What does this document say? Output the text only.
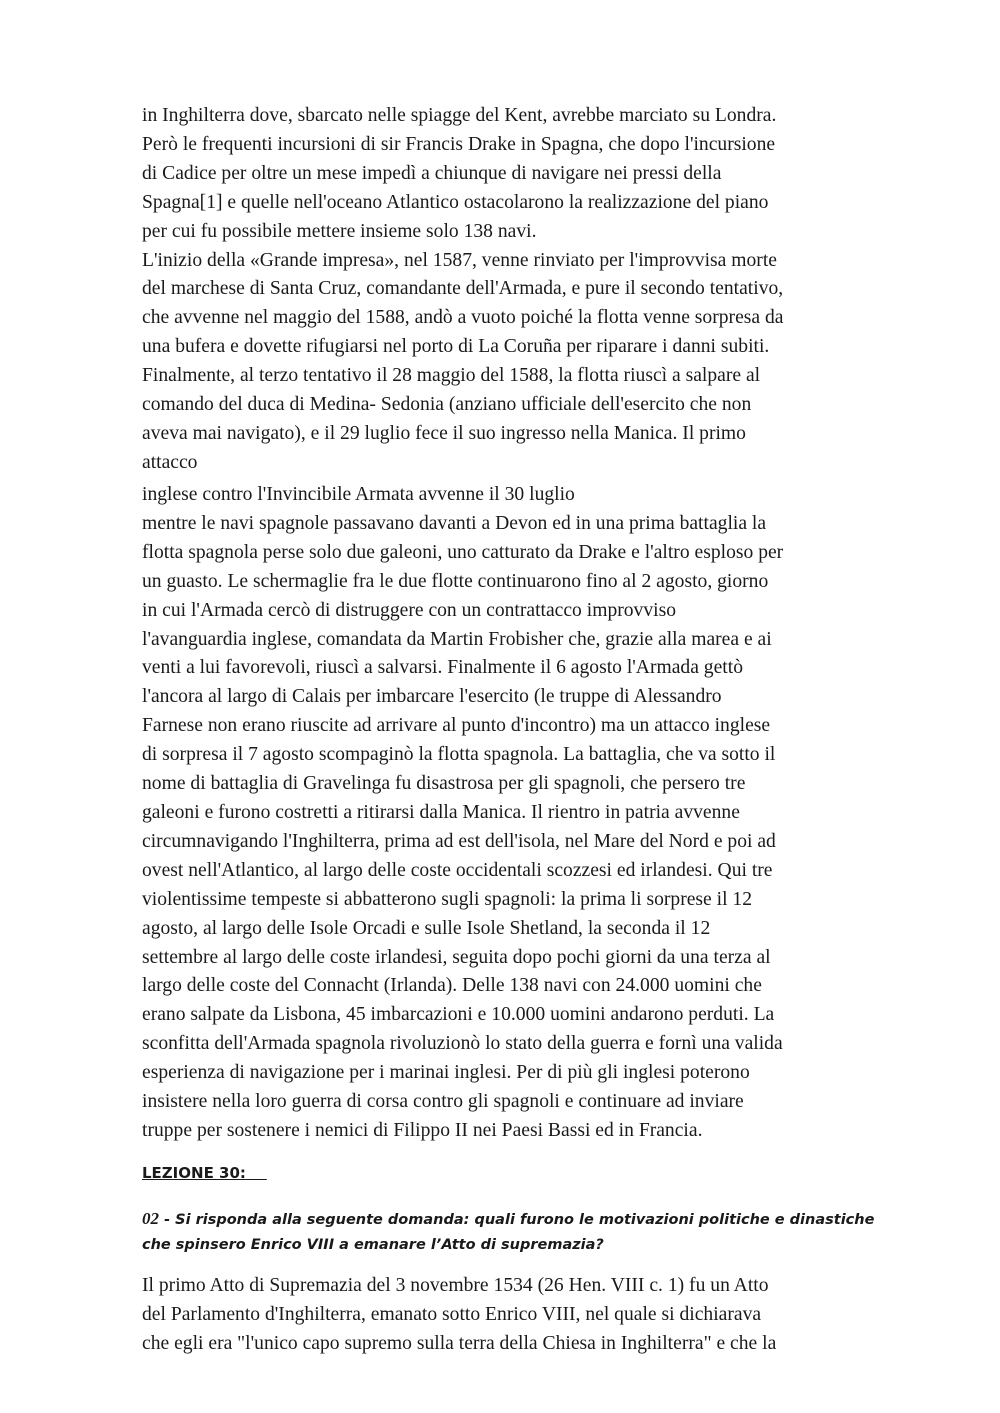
in Inghilterra dove, sbarcato nelle spiagge del Kent, avrebbe marciato su Londra.
Però le frequenti incursioni di sir Francis Drake in Spagna, che dopo l'incursione
di Cadice per oltre un mese impedì a chiunque di navigare nei pressi della
Spagna[1] e quelle nell'oceano Atlantico ostacolarono la realizzazione del piano
per cui fu possibile mettere insieme solo 138 navi.
L'inizio della «Grande impresa», nel 1587, venne rinviato per l'improvvisa morte
del marchese di Santa Cruz, comandante dell'Armada, e pure il secondo tentativo,
che avvenne nel maggio del 1588, andò a vuoto poiché la flotta venne sorpresa da
una bufera e dovette rifugiarsi nel porto di La Coruña per riparare i danni subiti.
Finalmente, al terzo tentativo il 28 maggio del 1588, la flotta riuscì a salpare al
comando del duca di Medina- Sedonia (anziano ufficiale dell'esercito che non
aveva mai navigato), e il 29 luglio fece il suo ingresso nella Manica. Il primo
attacco
inglese contro l'Invincibile Armata avvenne il 30 luglio
mentre le navi spagnole passavano davanti a Devon ed in una prima battaglia la
flotta spagnola perse solo due galeoni, uno catturato da Drake e l'altro esploso per
un guasto. Le schermaglie fra le due flotte continuarono fino al 2 agosto, giorno
in cui l'Armada cercò di distruggere con un contrattacco improvviso
l'avanguardia inglese, comandata da Martin Frobisher che, grazie alla marea e ai
venti a lui favorevoli, riuscì a salvarsi. Finalmente il 6 agosto l'Armada gettò
l'ancora al largo di Calais per imbarcare l'esercito (le truppe di Alessandro
Farnese non erano riuscite ad arrivare al punto d'incontro) ma un attacco inglese
di sorpresa il 7 agosto scompaginò la flotta spagnola. La battaglia, che va sotto il
nome di battaglia di Gravelinga fu disastrosa per gli spagnoli, che persero tre
galeoni e furono costretti a ritirarsi dalla Manica. Il rientro in patria avvenne
circumnavigando l'Inghilterra, prima ad est dell'isola, nel Mare del Nord e poi ad
ovest nell'Atlantico, al largo delle coste occidentali scozzesi ed irlandesi. Qui tre
violentissime tempeste si abbatterono sugli spagnoli: la prima li sorprese il 12
agosto, al largo delle Isole Orcadi e sulle Isole Shetland, la seconda il 12
settembre al largo delle coste irlandesi, seguita dopo pochi giorni da una terza al
largo delle coste del Connacht (Irlanda). Delle 138 navi con 24.000 uomini che
erano salpate da Lisbona, 45 imbarcazioni e 10.000 uomini andarono perduti. La
sconfitta dell'Armada spagnola rivoluzionò lo stato della guerra e fornì una valida
esperienza di navigazione per i marinai inglesi. Per di più gli inglesi poterono
insistere nella loro guerra di corsa contro gli spagnoli e continuare ad inviare
truppe per sostenere i nemici di Filippo II nei Paesi Bassi ed in Francia.

LEZIONE 30:

02 - Si risponda alla seguente domanda: quali furono le motivazioni politiche e dinastiche
che spinsero Enrico VIII a emanare l’Atto di supremazia?
Il primo Atto di Supremazia del 3 novembre 1534 (26 Hen. VIII c. 1) fu un Atto
del Parlamento d'Inghilterra, emanato sotto Enrico VIII, nel quale si dichiarava
che egli era "l'unico capo supremo sulla terra della Chiesa in Inghilterra" e che la
